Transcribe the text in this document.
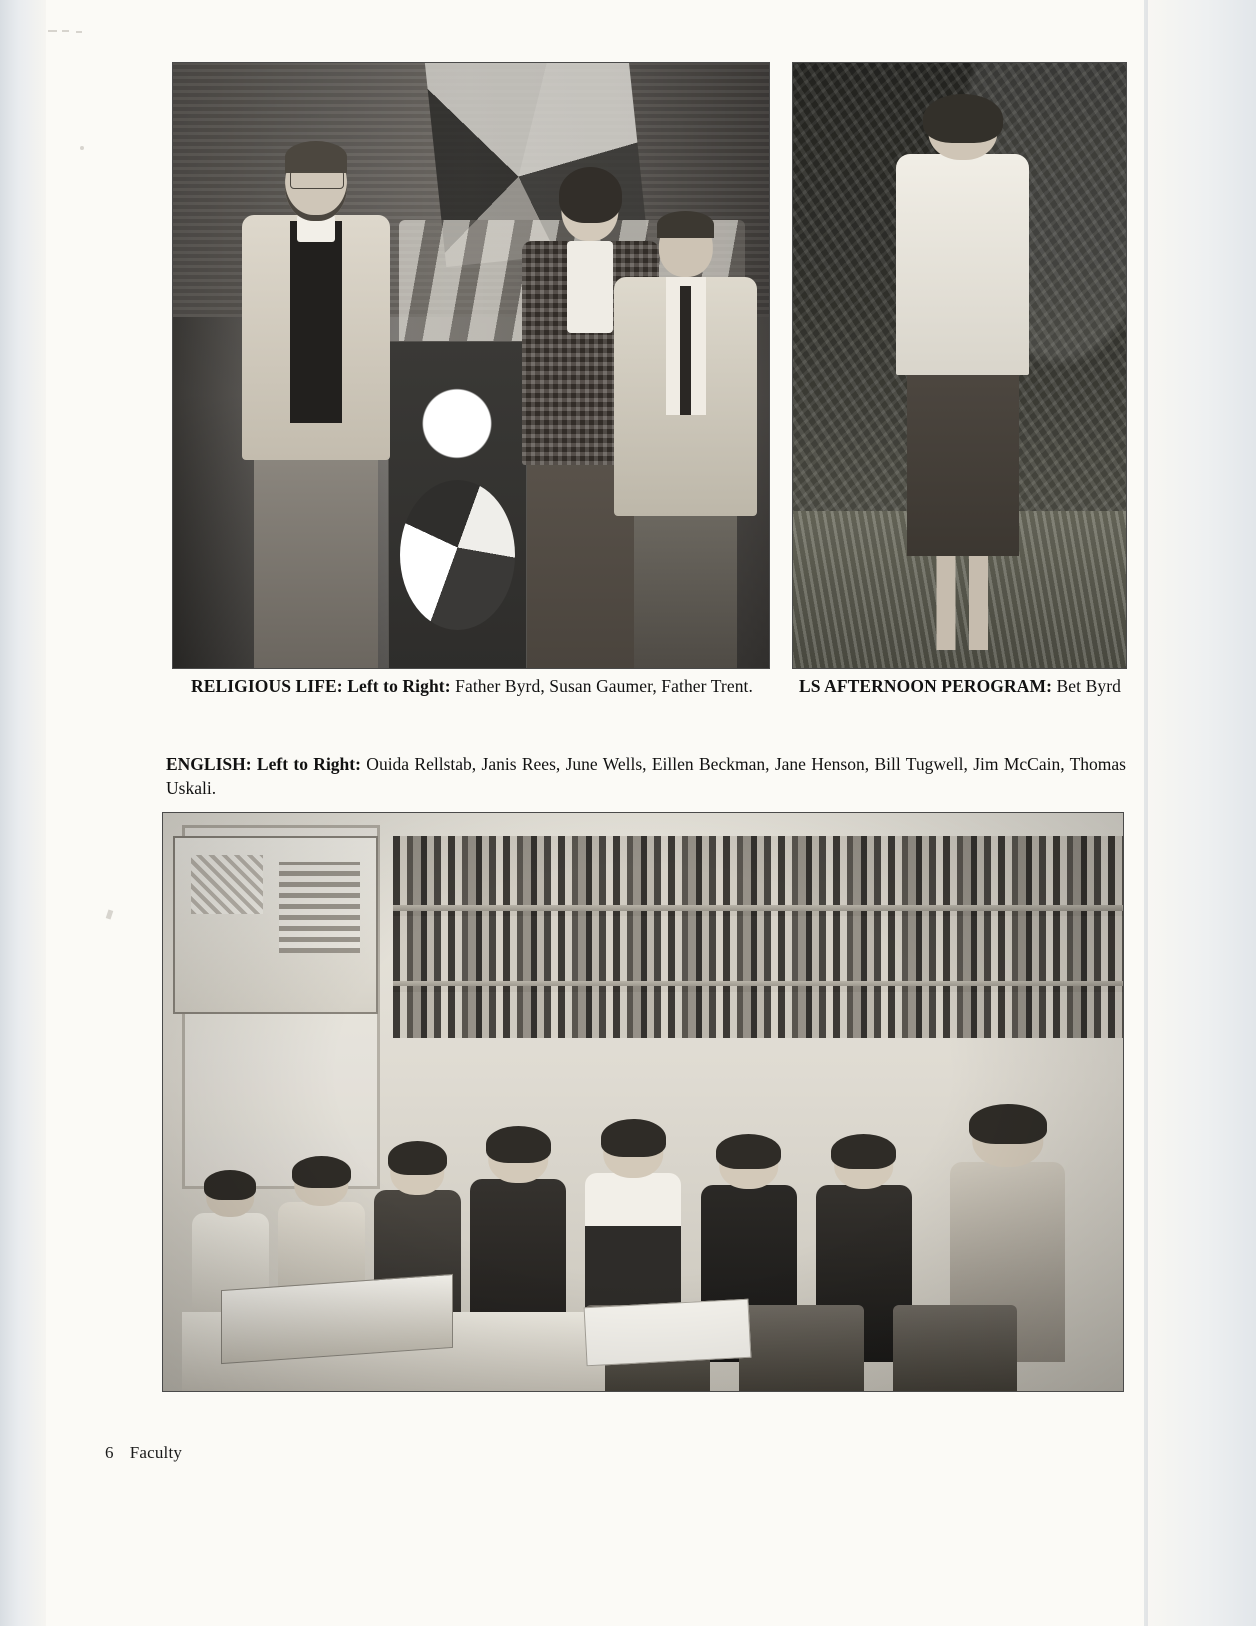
RELIGIOUS LIFE: Left to Right: Father Byrd, Susan Gaumer, Father Trent.	LS AFTERNOON PEROGRAM: Bet Byrd
ENGLISH: Left to Right: Ouida Rellstab, Janis Rees, June Wells, Eillen Beckman, Jane Henson, Bill Tugwell, Jim McCain, Thomas Uskali.
6 Faculty
